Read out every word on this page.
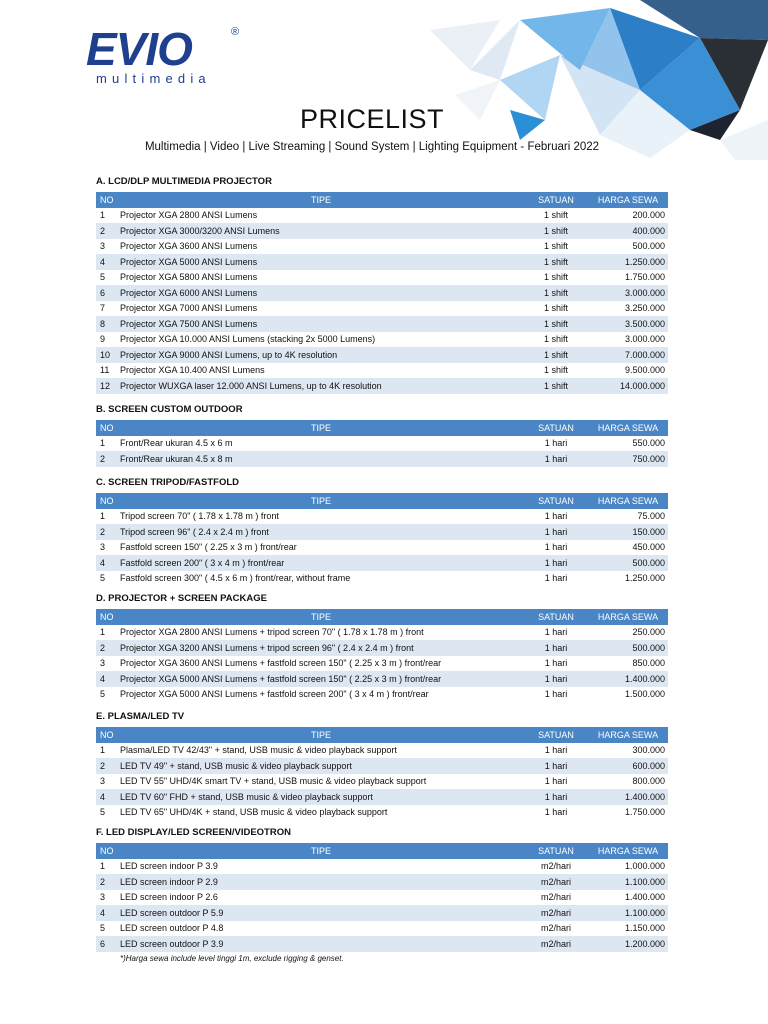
EVIO	®
multimedia
PRICELIST
Multimedia | Video | Live Streaming | Sound System | Lighting Equipment - Februari 2022
A. LCD/DLP MULTIMEDIA PROJECTOR
NO	TIPE	SATUAN	HARGA SEWA
1	Projector XGA 2800 ANSI Lumens	1 shift	200.000
2	Projector XGA 3000/3200 ANSI Lumens	1 shift	400.000
3	Projector XGA 3600 ANSI Lumens	1 shift	500.000
4	Projector XGA 5000 ANSI Lumens	1 shift	1.250.000
5	Projector XGA 5800 ANSI Lumens	1 shift	1.750.000
6	Projector XGA 6000 ANSI Lumens	1 shift	3.000.000
7	Projector XGA 7000 ANSI Lumens	1 shift	3.250.000
8	Projector XGA 7500 ANSI Lumens	1 shift	3.500.000
9	Projector XGA 10.000 ANSI Lumens (stacking 2x 5000 Lumens)	1 shift	3.000.000
10	Projector XGA 9000 ANSI Lumens, up to 4K resolution	1 shift	7.000.000
11	Projector XGA 10.400 ANSI Lumens	1 shift	9.500.000
12	Projector WUXGA laser 12.000 ANSI Lumens, up to 4K resolution	1 shift	14.000.000
B. SCREEN CUSTOM OUTDOOR
NO	TIPE	SATUAN	HARGA SEWA
1	Front/Rear ukuran 4.5 x 6 m	1 hari	550.000
2	Front/Rear ukuran 4.5 x 8 m	1 hari	750.000
C. SCREEN TRIPOD/FASTFOLD
NO	TIPE	SATUAN	HARGA SEWA
1	Tripod screen 70" ( 1.78 x 1.78 m ) front	1 hari	75.000
2	Tripod screen 96" ( 2.4 x 2.4 m ) front	1 hari	150.000
3	Fastfold screen 150" ( 2.25 x 3 m ) front/rear	1 hari	450.000
4	Fastfold screen 200" ( 3 x 4 m ) front/rear	1 hari	500.000
5	Fastfold screen 300" ( 4.5 x 6 m ) front/rear, without frame	1 hari	1.250.000
D. PROJECTOR + SCREEN PACKAGE
NO	TIPE	SATUAN	HARGA SEWA
1	Projector XGA 2800 ANSI Lumens + tripod screen 70" ( 1.78 x 1.78 m ) front	1 hari	250.000
2	Projector XGA 3200 ANSI Lumens + tripod screen 96" ( 2.4 x 2.4 m ) front	1 hari	500.000
3	Projector XGA 3600 ANSI Lumens + fastfold screen 150" ( 2.25 x 3 m ) front/rear	1 hari	850.000
4	Projector XGA 5000 ANSI Lumens + fastfold screen 150" ( 2.25 x 3 m ) front/rear	1 hari	1.400.000
5	Projector XGA 5000 ANSI Lumens + fastfold screen 200" ( 3 x 4 m ) front/rear	1 hari	1.500.000
E. PLASMA/LED TV
NO	TIPE	SATUAN	HARGA SEWA
1	Plasma/LED TV 42/43" + stand, USB music & video playback support	1 hari	300.000
2	LED TV 49" + stand, USB music & video playback support	1 hari	600.000
3	LED TV 55" UHD/4K smart TV + stand, USB music & video playback support	1 hari	800.000
4	LED TV 60" FHD + stand, USB music & video playback support	1 hari	1.400.000
5	LED TV 65" UHD/4K + stand, USB music & video playback support	1 hari	1.750.000
F. LED DISPLAY/LED SCREEN/VIDEOTRON
NO	TIPE	SATUAN	HARGA SEWA
1	LED screen indoor P 3.9	m2/hari	1.000.000
2	LED screen indoor P 2.9	m2/hari	1.100.000
3	LED screen indoor P 2.6	m2/hari	1.400.000
4	LED screen outdoor P 5.9	m2/hari	1.100.000
5	LED screen outdoor P 4.8	m2/hari	1.150.000
6	LED screen outdoor P 3.9	m2/hari	1.200.000
*)Harga sewa include level tinggi 1m, exclude rigging & genset.
